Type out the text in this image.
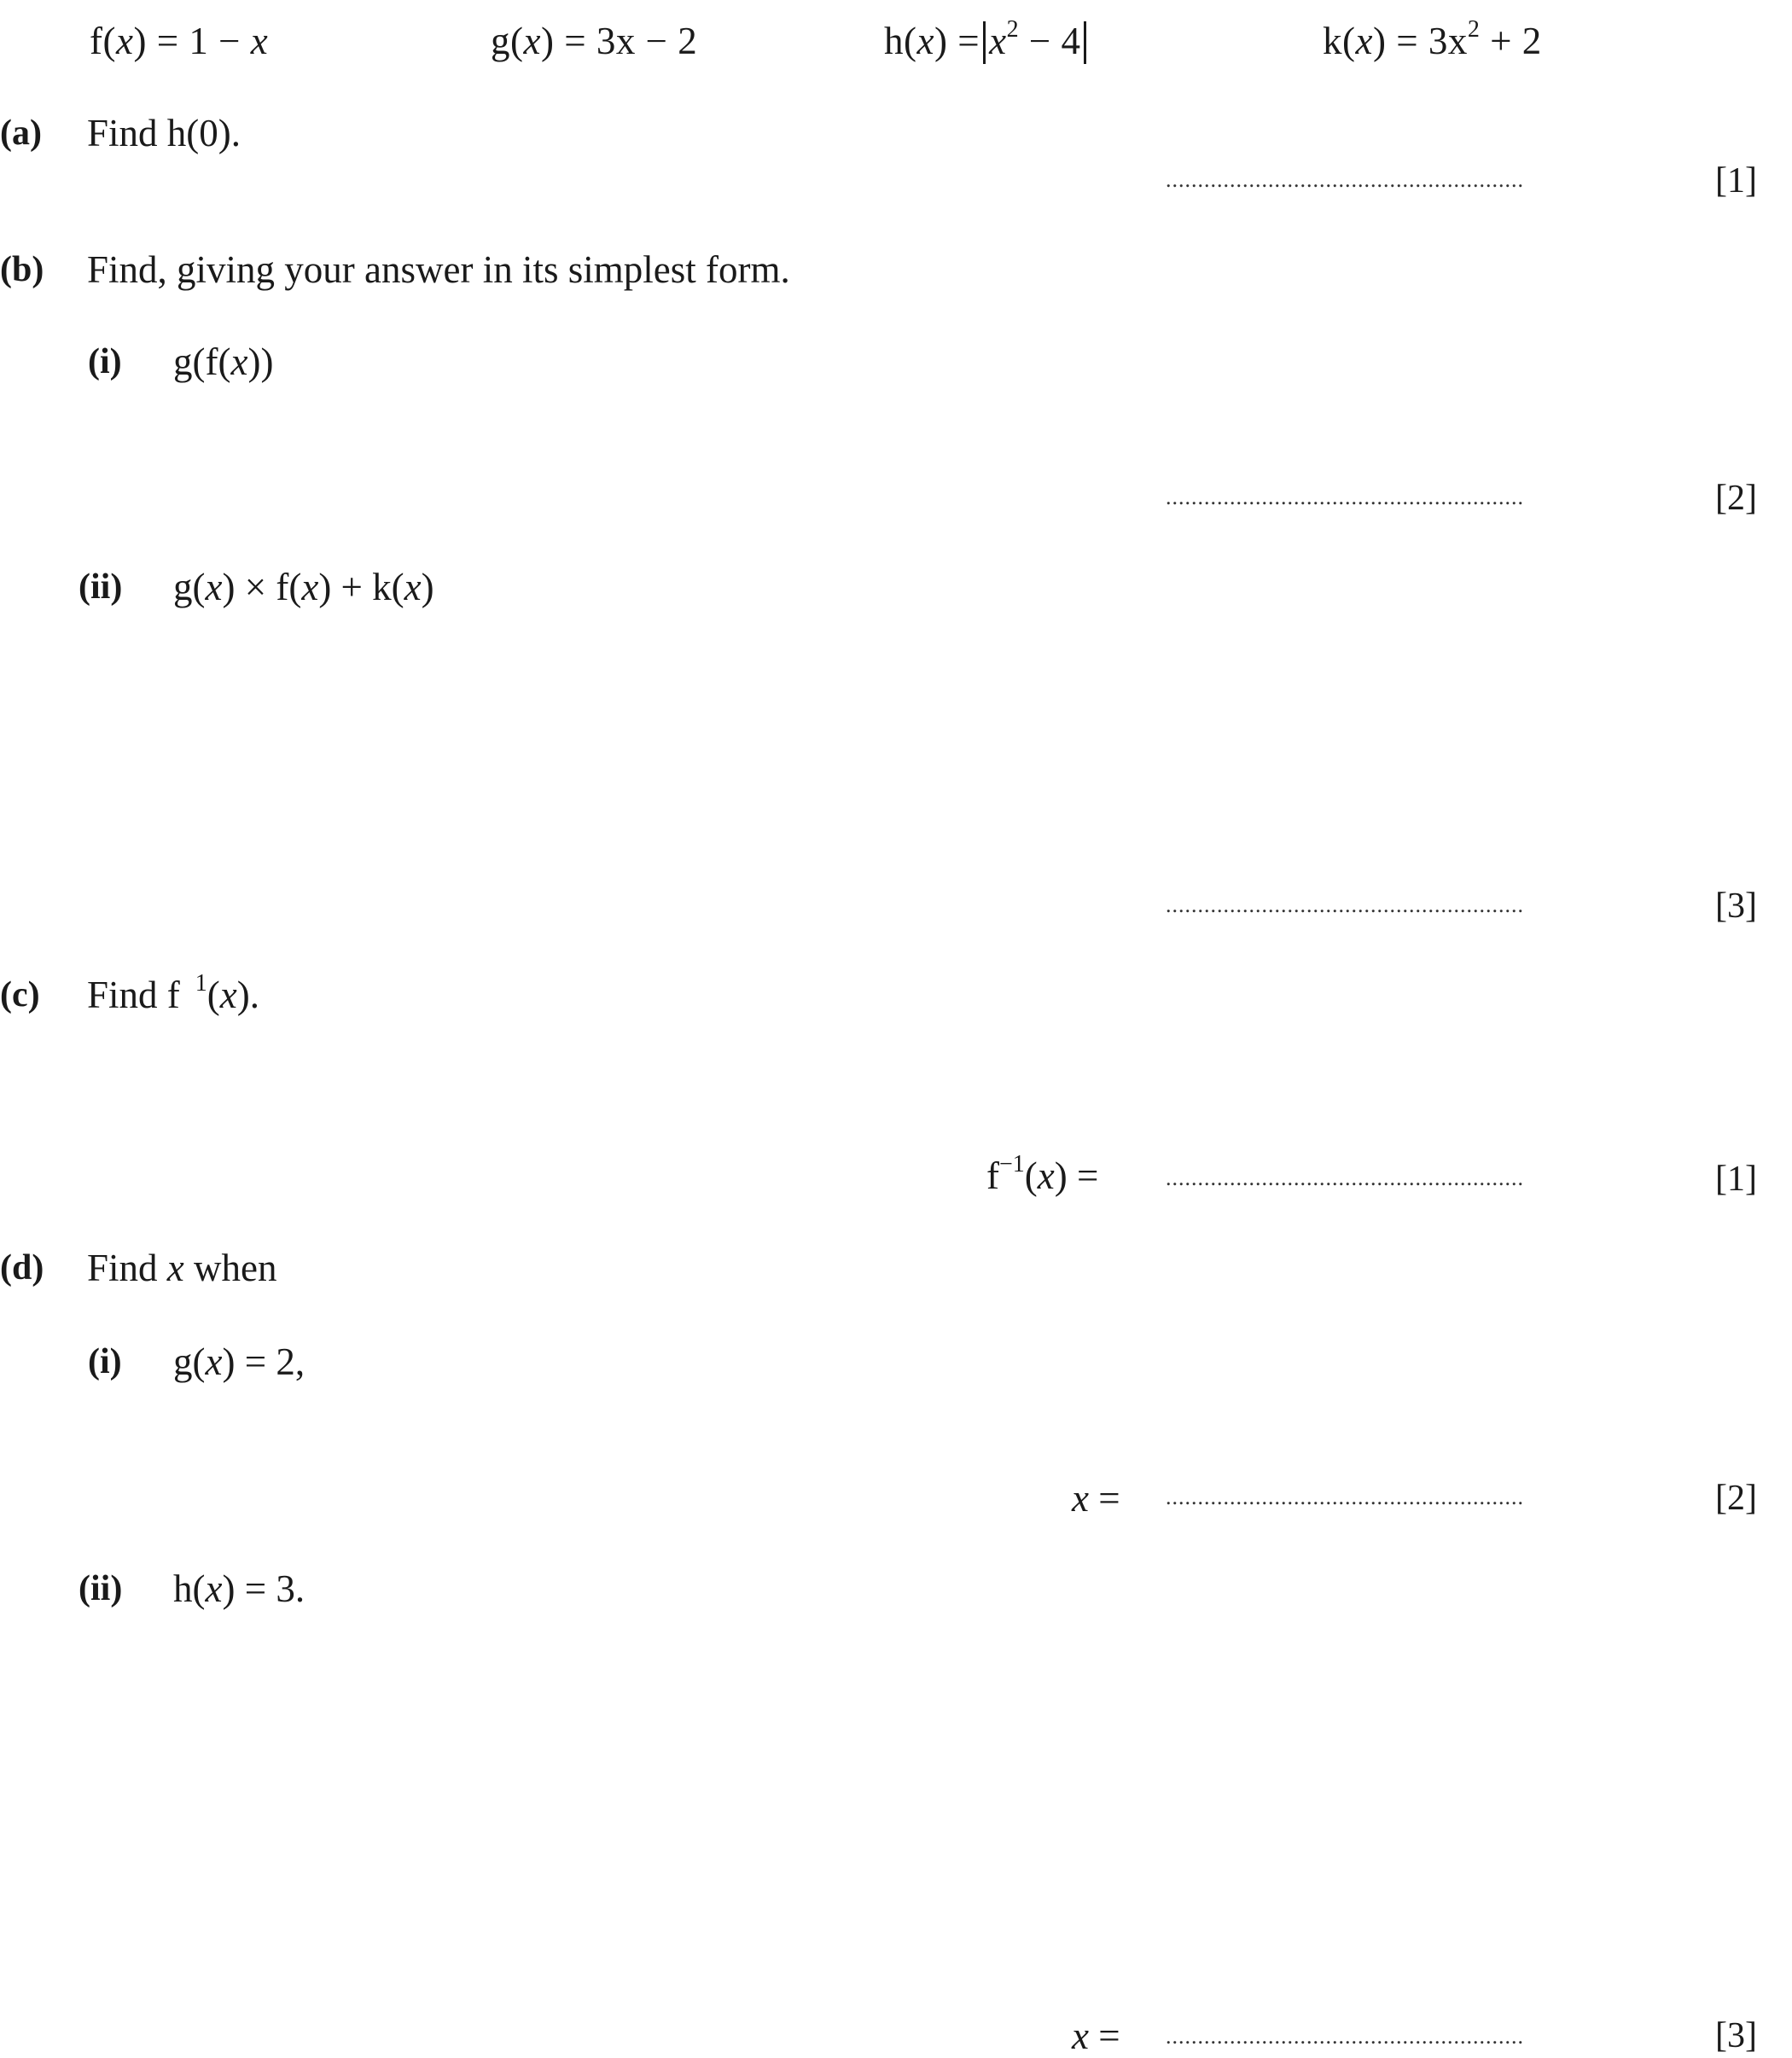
f(x) = 1 − x	g(x) = 3x − 2	$h(x) = x^2 - 4$	$k(x) = 3x^2 + 2$
(a) Find h(0).
........................................................	[1]
(b) Find, giving your answer in its simplest form.
(i) g(f(x))
........................................................	[2]
(ii) g(x) × f(x) + k(x)
........................................................	[3]
(c) Find f $^1$(x).
$f^{-1}(x)$ =	........................................................	[1]
(d) Find x when
(i) g(x) = 2,
x = ........................................................	[2]
(ii) h(x) = 3.
x = ........................................................	[3]
